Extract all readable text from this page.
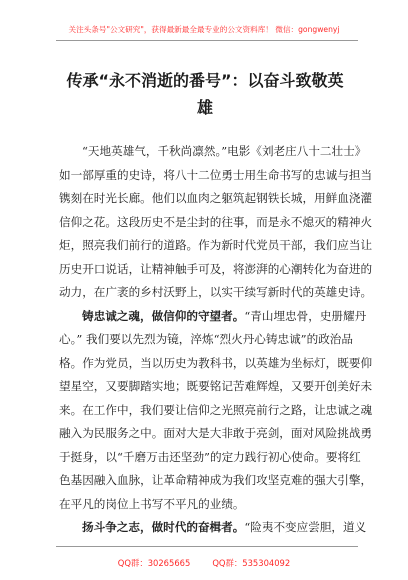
关注头条号"公文研究"，获得最新最全最专业的公文资料库！ 微信：gongwenyj
传承“永不消逝的番号”：以奋斗致敬英
雄
“天地英雄气，千秋尚凛然。”电影《刘老庄八十二壮士》
如一部厚重的史诗，将八十二位勇士用生命书写的忠诚与担当
镌刻在时光长廊。他们以血肉之躯筑起钢铁长城，用鲜血浇灌
信仰之花。这段历史不是尘封的往事，而是永不熄灭的精神火
炬，照亮我们前行的道路。作为新时代党员干部，我们应当让
历史开口说话，让精神触手可及，将澎湃的心潮转化为奋进的
动力，在广袤的乡村沃野上，以实干续写新时代的英雄史诗。
铸忠诚之魂，做信仰的守望者。“青山埋忠骨，史册耀丹
心。” 我们要以先烈为镜，淬炼“烈火丹心铸忠诚”的政治品
格。作为党员，当以历史为教科书，以英雄为坐标灯，既要仰
望星空，又要脚踏实地；既要铭记苦难辉煌，又要开创美好未
来。在工作中，我们要让信仰之光照亮前行之路，让忠诚之魂
融入为民服务之中。面对大是大非敢于亮剑，面对风险挑战勇
于挺身，以“千磨万击还坚劲”的定力践行初心使命。要将红
色基因融入血脉，让革命精神成为我们攻坚克难的强大引擎，
在平凡的岗位上书写不平凡的业绩。
扬斗争之志，做时代的奋楫者。“险夷不变应尝胆，道义
QQ群：30265665	QQ群：535304092
